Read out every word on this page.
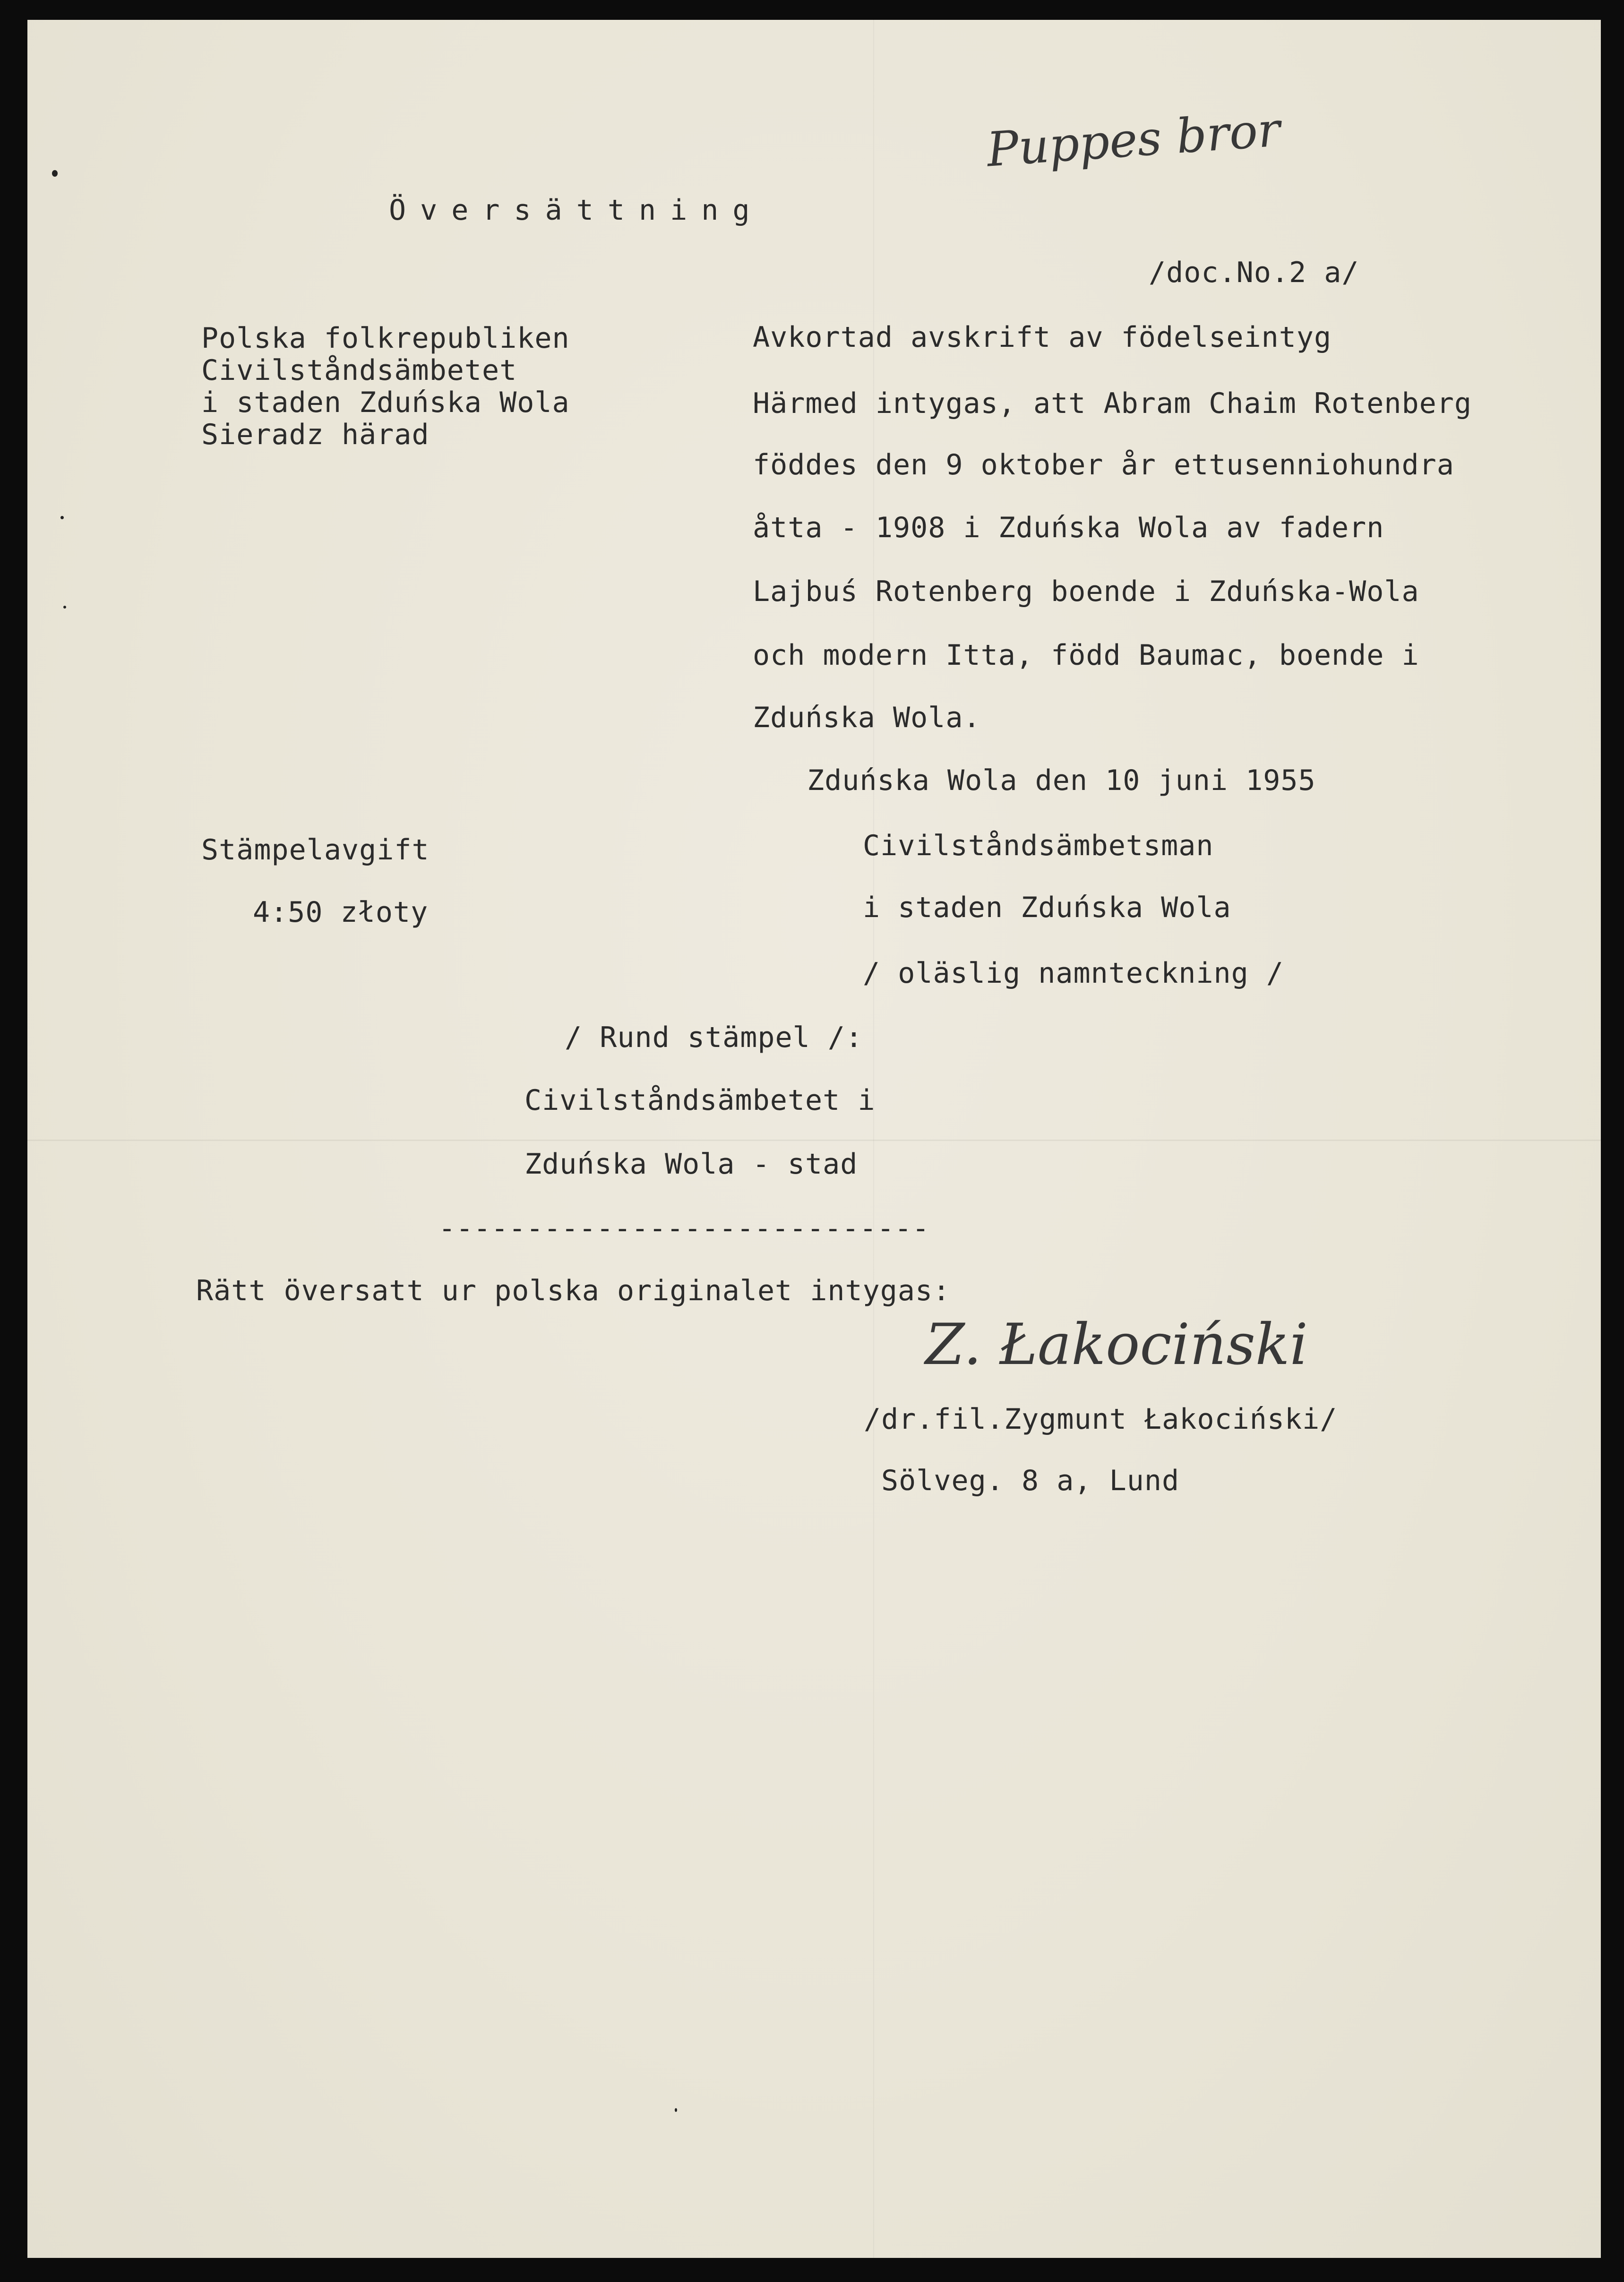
Puppes bror
Översättning
/doc.No.2 a/
Polska folkrepubliken
Civilståndsämbetet
i staden Zduńska Wola
Sieradz härad
Avkortad avskrift av födelseintyg
Härmed intygas, att Abram Chaim Rotenberg
föddes den 9 oktober år ettusenniohundra
åtta - 1908 i Zduńska Wola av fadern
Lajbuś Rotenberg boende i Zduńska-Wola
och modern Itta, född Baumac, boende i
Zduńska Wola.
Zduńska Wola den 10 juni 1955
Stämpelavgift
4:50 złoty
Civilståndsämbetsman
i staden Zduńska Wola
/ oläslig namnteckning /
/ Rund stämpel /:
Civilståndsämbetet i
Zduńska Wola - stad
----------------------------
Rätt översatt ur polska originalet intygas:
Z. Łakociński
/dr.fil.Zygmunt Łakociński/
Sölveg. 8 a, Lund
